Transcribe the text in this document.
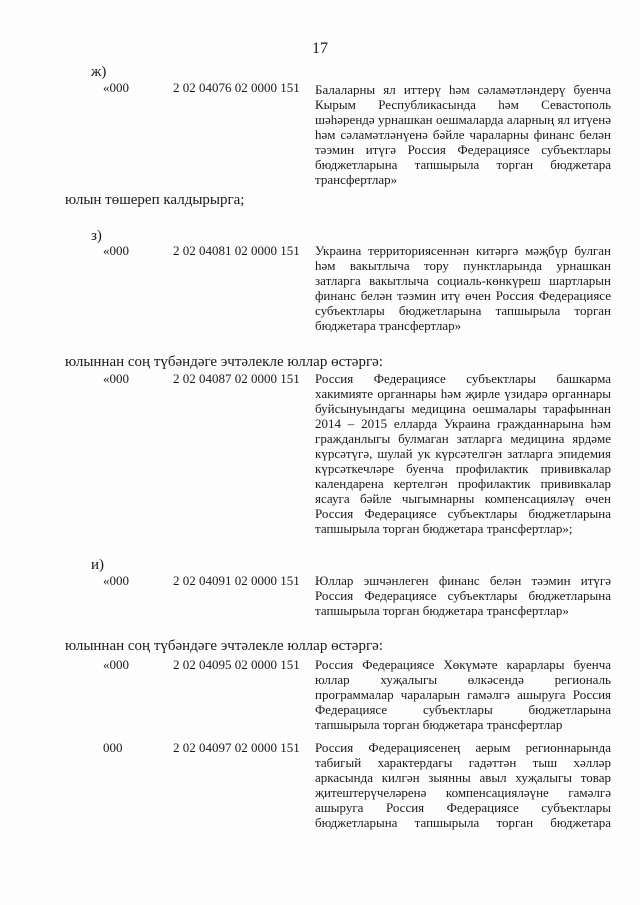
17
ж)
«000	2 02 04076 02 0000 151 Балаларны ял иттерү һәм сәламәтләндерү буенча
Кырым Республикасында һәм Севастополь
шәһәрендә урнашкан оешмаларда аларның ял итүенә
һәм сәламәтләнүенә бәйле чараларны финанс белән
тәэмин итүгә Россия Федерациясе субъектлары
бюджетларына тапшырыла торган бюджетара
трансфертлар»
юлын төшереп калдырырга;
з)
«000	2 02 04081 02 0000 151 Украина территориясеннән китәргә мәҗбүр булган
һәм вакытлыча тору пунктларында урнашкан
затларга вакытлыча социаль-көнкүреш шартларын
финанс белән тәэмин итү өчен Россия Федерациясе
субъектлары бюджетларына тапшырыла торган
бюджетара трансфертлар»
юлыннан соң түбәндәге эчтәлекле юллар өстәргә:
«000	2 02 04087 02 0000 151 Россия Федерациясе субъектлары башкарма
хакимияте органнары һәм җирле үзидарә органнары
буйсынуындагы медицина оешмалары тарафыннан
2014 – 2015 елларда Украина гражданнарына һәм
гражданлыгы булмаган затларга медицина ярдәме
күрсәтүгә, шулай ук күрсәтелгән затларга эпидемия
күрсәткечләре буенча профилактик прививкалар
календарена кертелгән профилактик прививкалар
ясауга бәйле чыгымнарны компенсацияләү өчен
Россия Федерациясе субъектлары бюджетларына
тапшырыла торган бюджетара трансфертлар»;
и)
«000	2 02 04091 02 0000 151 Юллар эшчәнлеген финанс белән тәэмин итүгә
Россия Федерациясе субъектлары бюджетларына
тапшырыла торган бюджетара трансфертлар»
юлыннан соң түбәндәге эчтәлекле юллар өстәргә:
«000	2 02 04095 02 0000 151 Россия Федерациясе Хөкүмәте карарлары буенча
юллар хуҗалыгы өлкәсендә региональ
программалар чараларын гамәлгә ашыруга Россия
Федерациясе субъектлары бюджетларына
тапшырыла торган бюджетара трансфертлар
000	2 02 04097 02 0000 151 Россия Федерациясенең аерым регионнарында
табигый характердагы гадәттән тыш хәлләр
аркасында килгән зыянны авыл хуҗалыгы товар
җитештерүчеләренә компенсацияләүне гамәлгә
ашыруга Россия Федерациясе субъектлары
бюджетларына тапшырыла торган бюджетара
